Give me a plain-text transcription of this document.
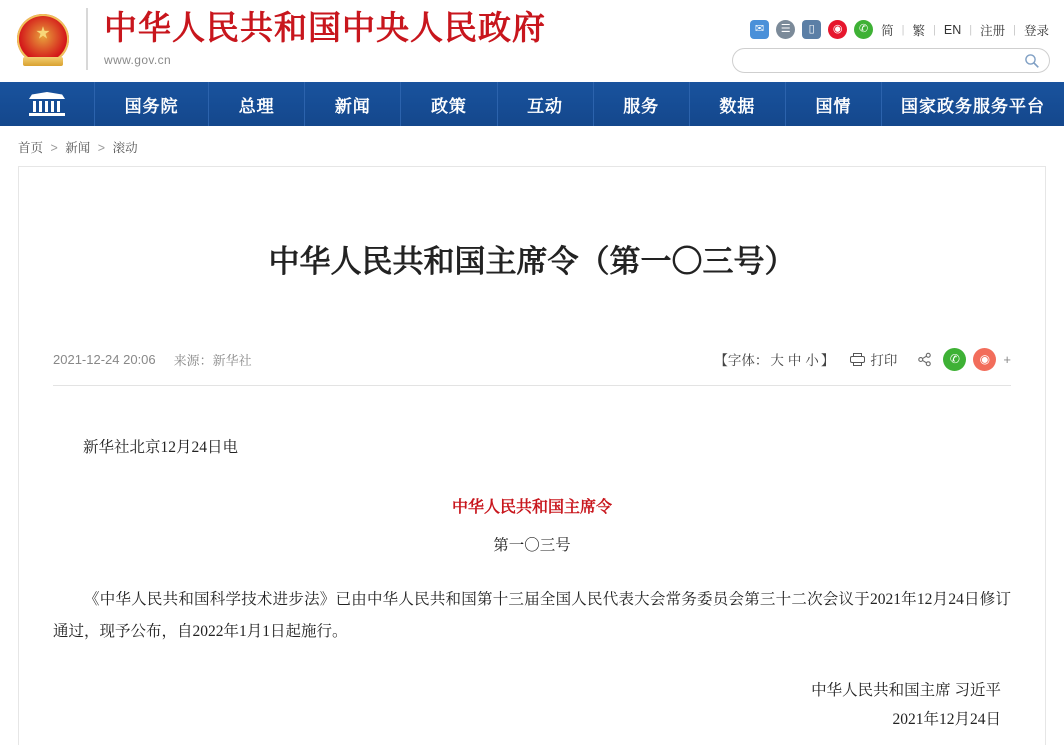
★ 中华人民共和国中央人民政府
www.gov.cn
✉	☰	▯	◉	✆	简 | 繁 | EN | 注册 | 登录
国务院	总理	新闻	政策	互动	服务	数据	国情	国家政务服务平台
首页 > 新闻 > 滚动
中华人民共和国主席令（第一〇三号）
2021-12-24 20:06 来源：新华社	【字体： 大 中 小 】	打印	✆	◉	+
新华社北京12月24日电
中华人民共和国主席令
第一〇三号

《中华人民共和国科学技术进步法》已由中华人民共和国第十三届全国人民代表大会常务委员会第三十二次会议于2021年12月24日修订通过，现予公布，自2022年1月1日起施行。

中华人民共和国主席 习近平
2021年12月24日
